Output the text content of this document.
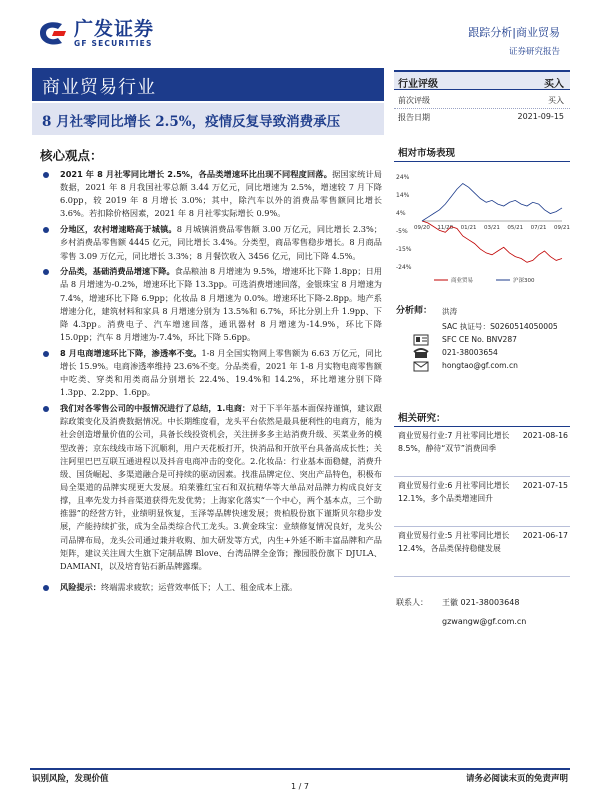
广发证券
GF SECURITIES
跟踪分析|商业贸易
证券研究报告
商业贸易行业
8 月社零同比增长 2.5%，疫情反复导致消费承压
核心观点：
2021 年 8 月社零同比增长 2.5%，各品类增速环比出现不同程度回落。据国家统计局数据，2021 年 8 月我国社零总额 3.44 万亿元，同比增速为 2.5%，增速较 7 月下降 6.0pp，较 2019 年 8 月增长 3.0%；其中，除汽车以外的消费品零售额同比增长 3.6%。若扣除价格因素，2021 年 8 月社零实际增长 0.9%。
分地区，农村增速略高于城镇。8 月城镇消费品零售额 3.00 万亿元，同比增长 2.3%；乡村消费品零售额 4445 亿元，同比增长 3.4%。分类型，商品零售稳步增长。8 月商品零售 3.09 万亿元，同比增长 3.3%；8 月餐饮收入 3456 亿元，同比下降 4.5%。
分品类，基础消费品增速下降。食品粮油 8 月增速为 9.5%，增速环比下降 1.8pp；日用品 8 月增速为-0.2%，增速环比下降 13.3pp。可选消费增速回落，金银珠宝 8 月增速为 7.4%，增速环比下降 6.9pp；化妆品 8 月增速为 0.0%。增速环比下降-2.8pp。地产系增速分化，建筑材料和家具 8 月增速分别为 13.5%和 6.7%，环比分别上升 1.9pp、下降 4.3pp。消费电子、汽车增速回落，通讯器材 8 月增速为-14.9%，环比下降 15.0pp；汽车 8 月增速为-7.4%，环比下降 5.6pp。
8 月电商增速环比下降，渗透率不变。1-8 月全国实物网上零售额为 6.63 万亿元，同比增长 15.9%。电商渗透率维持 23.6%不变。分品类看，2021 年 1-8 月实物电商零售额中吃类、穿类和用类商品分别增长 22.4%、19.4%和 14.2%，环比增速分别下降 1.3pp、2.2pp、1.6pp。
我们对各零售公司的中报情况进行了总结，1.电商：对于下半年基本面保持谨慎，建议跟踪政策变化及消费数据情况。中长期维度看，龙头平台依然是最具便利性的电商方，能为社会创造增量价值的公司，具备长线投资机会，关注拼多多主站消费升级、买菜业务的模型改善；京东线线市场下沉顺利，用户天花板打开，快消品和开放平台具备高成长性；关注阿里巴巴互联互通进程以及抖音电商冲击的变化。2.化妆品：行业基本面稳健，消费升级、国货崛起、多渠道融合是可持续的驱动因素。找准品牌定位、突出产品特色，积极布局全渠道的品牌实现更大发展。珀莱雅红宝石和双抗精华等大单品对品牌力构成良好支撑，且率先发力抖音渠道获得先发优势；上海家化落实“一个中心，两个基本点，三个助推器”的经营方针，业绩明显恢复，玉泽等品牌快速发展；贵柏股份旗下谨斯贝尔稳步发展，产能持续扩张，成为全品类综合代工龙头。3.黄金珠宝：业绩修复情况良好，龙头公司品牌布局，龙头公司通过兼并收购、加大研发等方式，内生+外延不断丰富品牌和产品矩阵，建议关注周大生旗下定制品牌 Blove、台湾品牌全金饰；豫园股份旗下 DJULA、DAMIANI，以及培育钻石新品牌露璨。
风险提示：终端需求疲软；运营效率低下；人工、租金成本上涨。
行业评级	买入
前次评级	买入
报告日期	2021-09-15
相对市场表现
24%
14%
4%
-5%
-15%
-24%
09/20 11/20 01/21 03/21 05/21 07/21 09/21
商业贸易	沪深300
分析师： 洪涛
SAC 执证号：S0260514050005
SFC CE No. BNV287
021-38003654
hongtao@gf.com.cn
相关研究：
商业贸易行业:7 月社零同比增长 8.5%，静待“双节”消费回季
2021-08-16
商业贸易行业:6 月社零同比增长 12.1%，多个品类增速回升
2021-07-15
商业贸易行业:5 月社零同比增长 12.4%，各品类保持稳健发展
2021-06-17
联系人：	王徽 021-38003648
gzwangw@gf.com.cn
识别风险，发现价值	请务必阅读末页的免责声明
1 / 7
